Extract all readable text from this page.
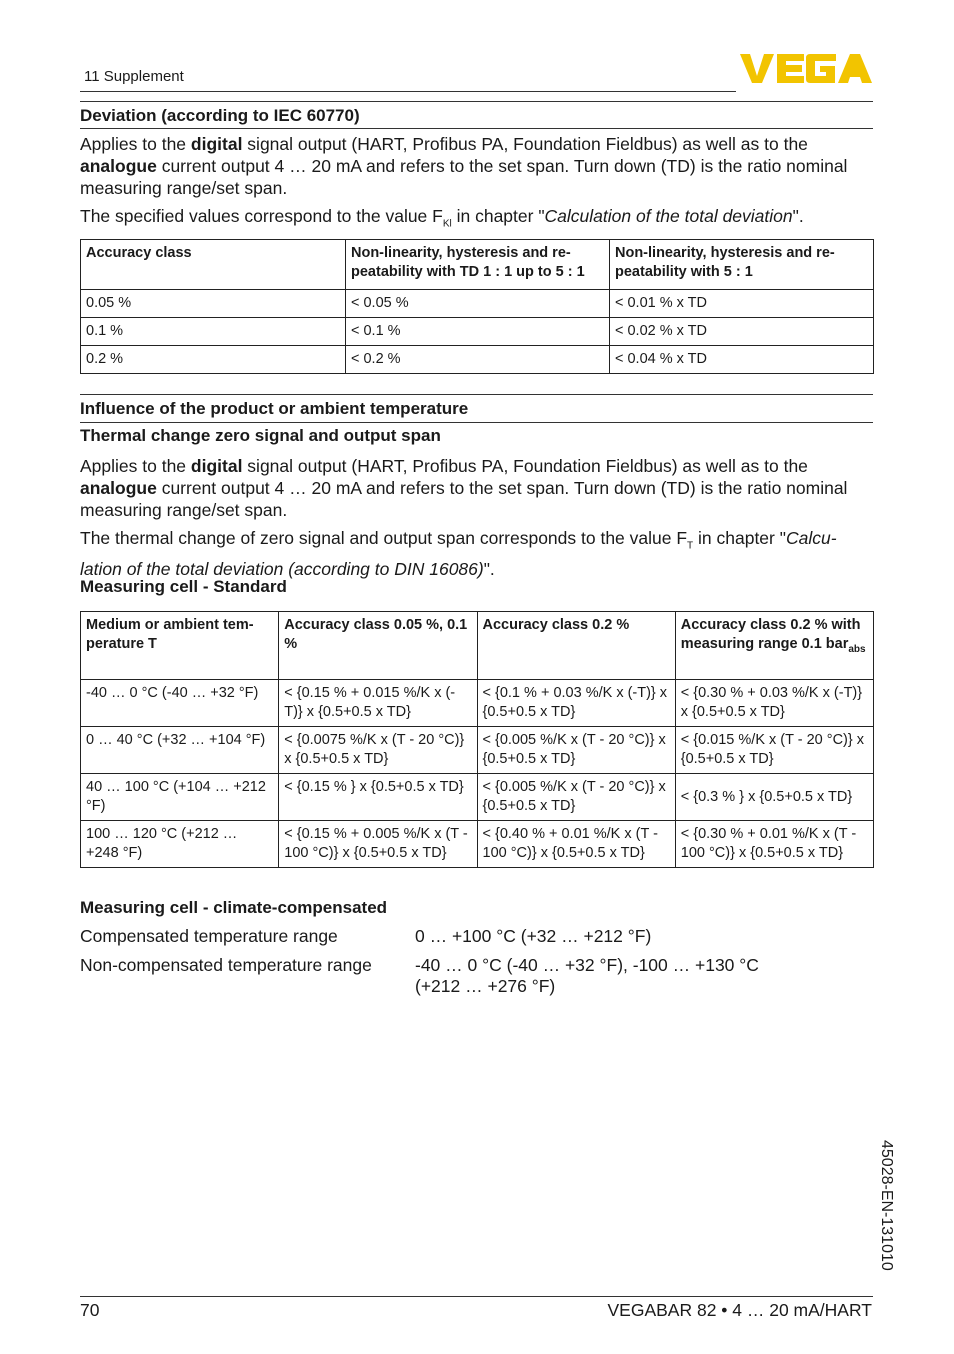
11 Supplement
Deviation (according to IEC 60770)
Applies to the digital signal output (HART, Profibus PA, Foundation Fieldbus) as well as to the analogue current output 4 … 20 mA and refers to the set span. Turn down (TD) is the ratio nominal measuring range/set span.
The specified values correspond to the value $F_{Kl}$ in chapter "Calculation of the total deviation".
Accuracy class	Non-linearity, hysteresis and re-peatability with TD 1 : 1 up to 5 : 1	Non-linearity, hysteresis and re-peatability with 5 : 1
0.05 %	< 0.05 %	< 0.01 % x TD
0.1 %	< 0.1 %	< 0.02 % x TD
0.2 %	< 0.2 %	< 0.04 % x TD
Influence of the product or ambient temperature
Thermal change zero signal and output span
Applies to the digital signal output (HART, Profibus PA, Foundation Fieldbus) as well as to the analogue current output 4 … 20 mA and refers to the set span. Turn down (TD) is the ratio nominal measuring range/set span.
The thermal change of zero signal and output span corresponds to the value $F_T$ in chapter "Calcu-lation of the total deviation (according to DIN 16086)".
Measuring cell - Standard
Medium or ambient tem-perature T	Accuracy class 0.05 %, 0.1 %	Accuracy class 0.2 %	Accuracy class 0.2 % with measuring range 0.1 bar$_{abs}$
-40 … 0 °C (-40 … +32 °F)	< {0.15 % + 0.015 %/K x (-T)} x {0.5+0.5 x TD}	< {0.1 % + 0.03 %/K x (-T)} x {0.5+0.5 x TD}	< {0.30 % + 0.03 %/K x (-T)} x {0.5+0.5 x TD}
0 … 40 °C (+32 … +104 °F)	< {0.0075 %/K x (T - 20 °C)} x {0.5+0.5 x TD}	< {0.005 %/K x (T - 20 °C)} x {0.5+0.5 x TD}	< {0.015 %/K x (T - 20 °C)} x {0.5+0.5 x TD}
40 … 100 °C (+104 … +212 °F)	< {0.15 % } x {0.5+0.5 x TD}	< {0.005 %/K x (T - 20 °C)} x {0.5+0.5 x TD}	< {0.3 % } x {0.5+0.5 x TD}
100 … 120 °C (+212 … +248 °F)	< {0.15 % + 0.005 %/K x (T - 100 °C)} x {0.5+0.5 x TD}	< {0.40 % + 0.01 %/K x (T - 100 °C)} x {0.5+0.5 x TD}	< {0.30 % + 0.01 %/K x (T - 100 °C)} x {0.5+0.5 x TD}
Measuring cell - climate-compensated
Compensated temperature range	0 … +100 °C (+32 … +212 °F)
Non-compensated temperature range -40 … 0 °C (-40 … +32 °F), -100 … +130 °C (+212 … +276 °F)
45028-EN-131010
70	VEGABAR 82 • 4 … 20 mA/HART
